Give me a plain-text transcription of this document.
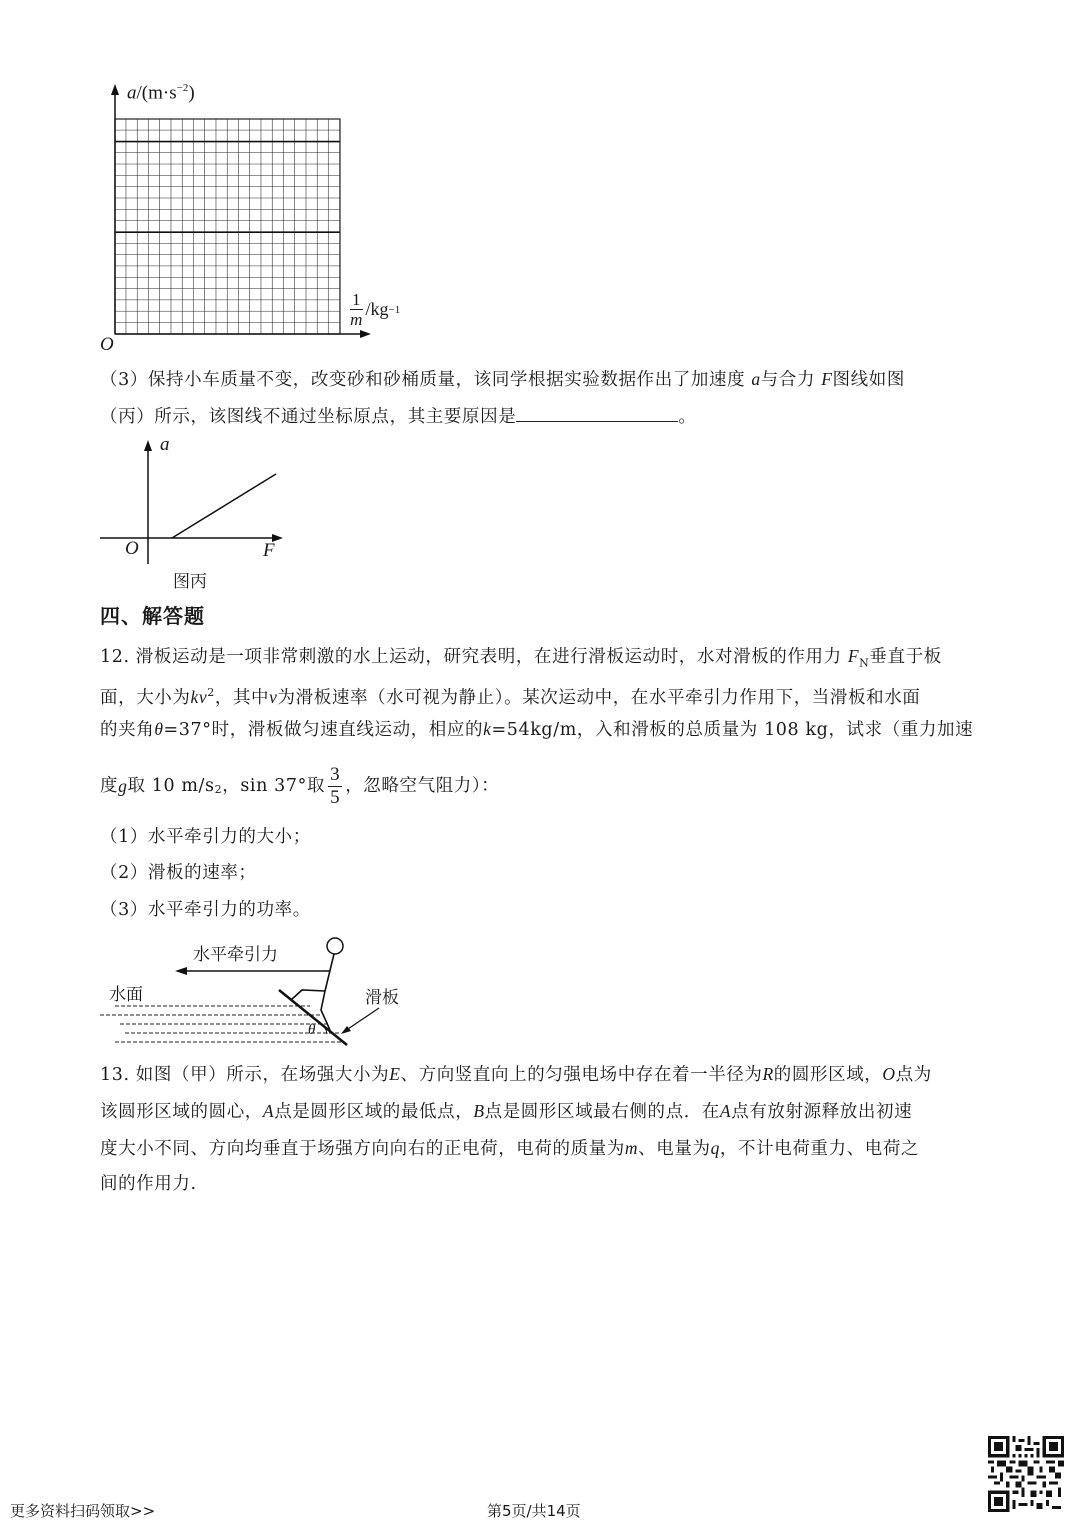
$a/(m\cdot s^{-2})$
$\frac{1}{m} /kg -1$
O
（3）保持小车质量不变，改变砂和砂桶质量，该同学根据实验数据作出了加速度 a与合力 F图线如图
（丙）所示，该图线不通过坐标原点，其主要原因是	。
a
F
O
图丙
四、解答题
12. 滑板运动是一项非常刺激的水上运动，研究表明，在进行滑板运动时，水对滑板的作用力 $F_N$垂直于板
面，大小为$kv^2$，其中v为滑板速率（水可视为静止）。某次运动中，在水平牵引力作用下，当滑板和水面
的夹角θ=37°时，滑板做匀速直线运动，相应的k=54kg/m，入和滑板的总质量为 108 kg，试求（重力加速
度 g 取 10 $m/s_2$ ，sin 37°取 $\frac{3}{5}$ ，忽略空气阻力）：
（1）水平牵引力的大小；
（2）滑板的速率；
（3）水平牵引力的功率。
水平牵引力
水面	滑板
θ
13. 如图（甲）所示，在场强大小为E、方向竖直向上的匀强电场中存在着一半径为R的圆形区域，O点为
该圆形区域的圆心，A点是圆形区域的最低点，B点是圆形区域最右侧的点．在A点有放射源释放出初速
度大小不同、方向均垂直于场强方向向右的正电荷，电荷的质量为m、电量为q，不计电荷重力、电荷之
间的作用力.
更多资料扫码领取>>	第5页/共14页
